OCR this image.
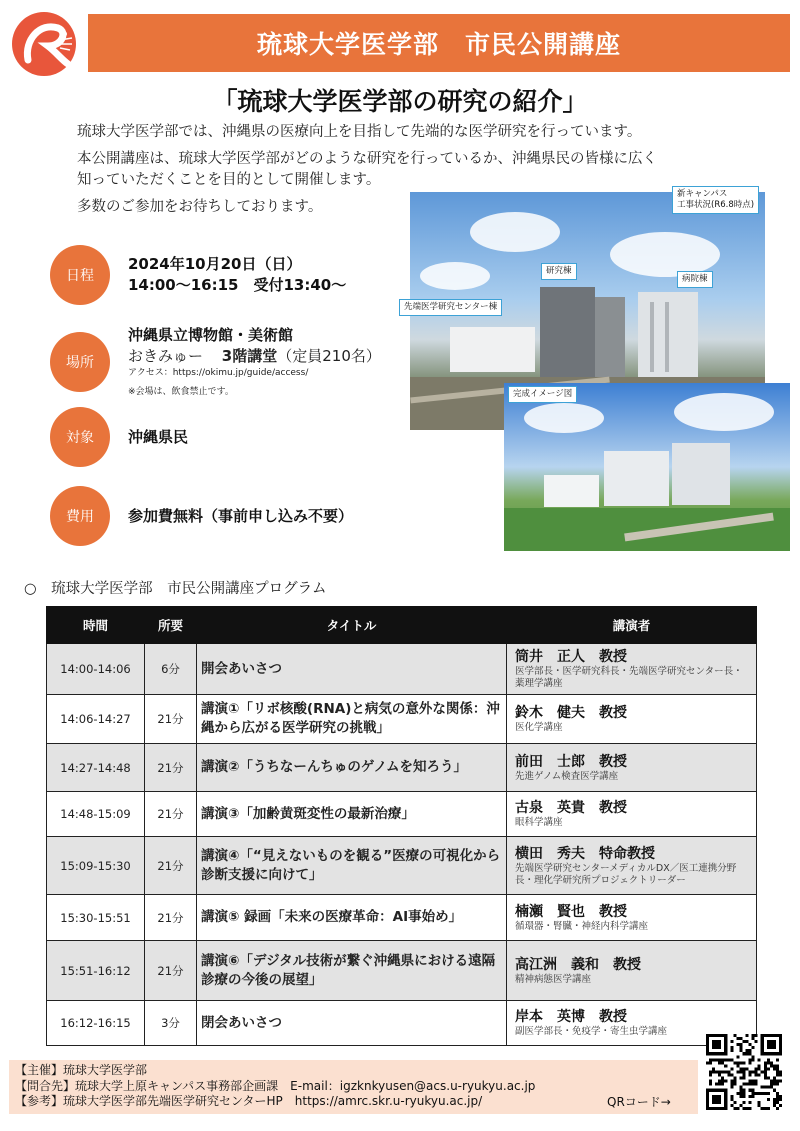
琉球大学医学部　市民公開講座
「琉球大学医学部の研究の紹介」

琉球大学医学部では、沖縄県の医療向上を目指して先端的な医学研究を行っています。

本公開講座は、琉球大学医学部がどのような研究を行っているか、沖縄県民の皆様に広く

知っていただくことを目的として開催します。

多数のご参加をお待ちしております。

新キャンパス
工事状況(R6.8時点)
研究棟
病院棟
先端医学研究センター棟
完成イメージ図
日程
2024年10月20日（日）
14:00〜16:15　受付13:40〜
場所
沖縄県立博物館・美術館
おきみゅー 3階講堂（定員210名）
アクセス：https://okimu.jp/guide/access/
※会場は、飲食禁止です。
対象	沖縄県民
費用	参加費無料（事前申し込み不要）
○　琉球大学医学部　市民公開講座プログラム
時間	所要	タイトル	講演者
14:00-14:06	6分	開会あいさつ	筒井　正人　教授
医学部長・医学研究科長・先端医学研究センター長・薬理学講座

14:06-14:27	21分	講演①「リボ核酸(RNA)と病気の意外な関係：沖縄から広がる医学研究の挑戦」	鈴木　健夫　教授
医化学講座

14:27-14:48	21分	講演②「うちなーんちゅのゲノムを知ろう」	前田　士郎　教授
先進ゲノム検査医学講座

14:48-15:09	21分	講演③「加齢黄斑変性の最新治療」	古泉　英貴　教授
眼科学講座

15:09-15:30	21分	講演④「“見えないものを観る”医療の可視化から診断支援に向けて」	横田　秀夫　特命教授
先端医学研究センターメディカルDX／医工連携分野長・理化学研究所プロジェクトリーダー

15:30-15:51	21分	講演⑤ 録画「未来の医療革命：AI事始め」	楠瀬　賢也　教授
循環器・腎臓・神経内科学講座

15:51-16:12	21分	講演⑥「デジタル技術が繋ぐ沖縄県における遠隔診療の今後の展望」	高江洲　義和　教授
精神病態医学講座

16:12-16:15	3分	閉会あいさつ	岸本　英博　教授
副医学部長・免疫学・寄生虫学講座
【主催】琉球大学医学部
【問合先】琉球大学上原キャンパス事務部企画課　E-mail：igzknkyusen@acs.u-ryukyu.ac.jp
【参考】琉球大学医学部先端医学研究センターHP　https://amrc.skr.u-ryukyu.ac.jp/	QRコード→
